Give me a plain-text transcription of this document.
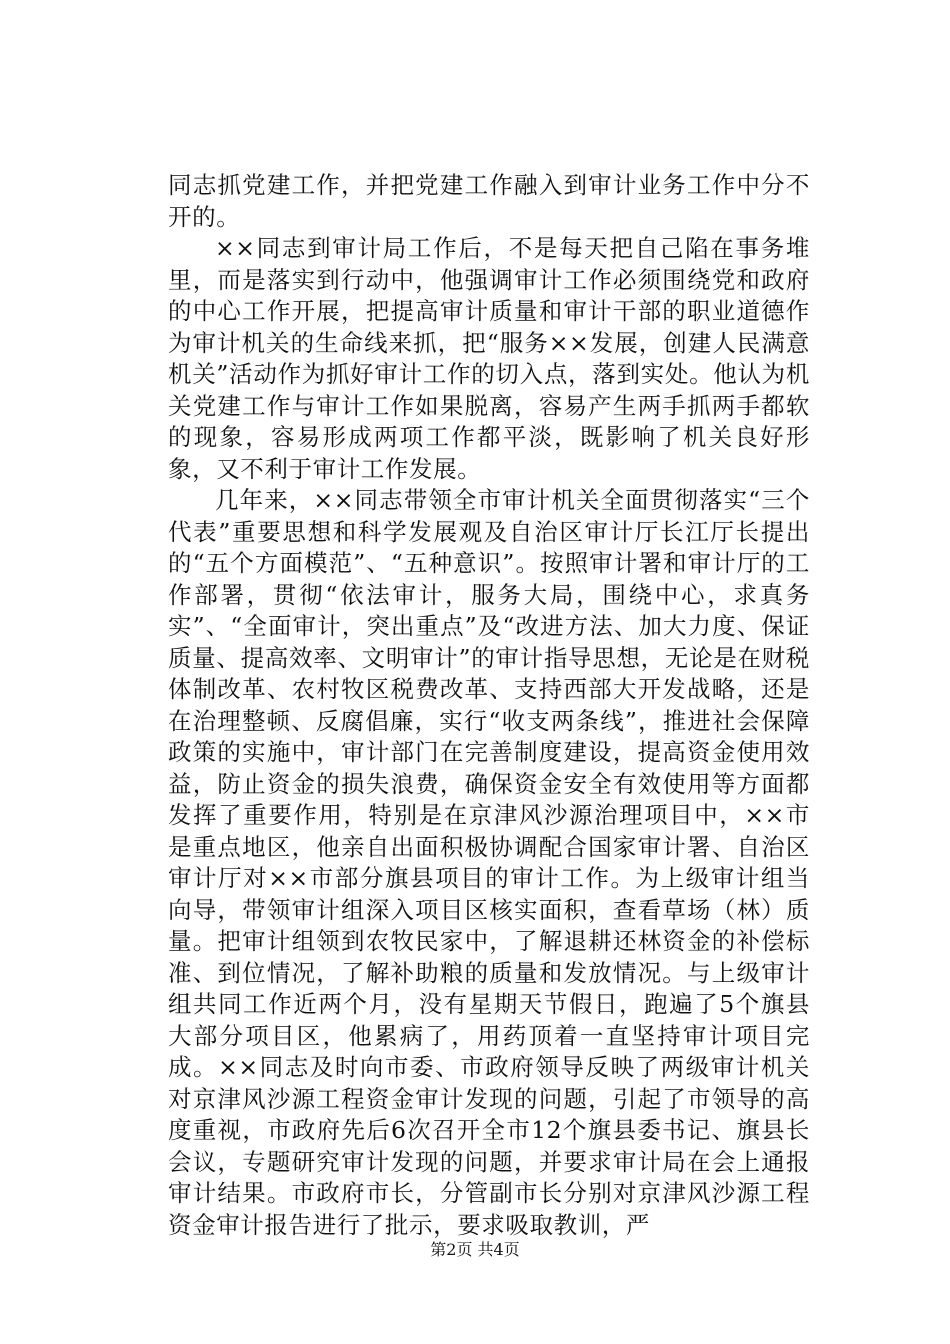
同志抓党建工作，并把党建工作融入到审计业务工作中分不开的。

××同志到审计局工作后，不是每天把自己陷在事务堆里，而是落实到行动中，他强调审计工作必须围绕党和政府的中心工作开展，把提高审计质量和审计干部的职业道德作为审计机关的生命线来抓，把“服务××发展，创建人民满意机关”活动作为抓好审计工作的切入点，落到实处。他认为机关党建工作与审计工作如果脱离，容易产生两手抓两手都软的现象，容易形成两项工作都平淡，既影响了机关良好形象，又不利于审计工作发展。

几年来，××同志带领全市审计机关全面贯彻落实“三个代表”重要思想和科学发展观及自治区审计厅长江厅长提出的“五个方面模范”、“五种意识”。按照审计署和审计厅的工作部署，贯彻“依法审计，服务大局，围绕中心，求真务实”、“全面审计，突出重点”及“改进方法、加大力度、保证质量、提高效率、文明审计”的审计指导思想，无论是在财税体制改革、农村牧区税费改革、支持西部大开发战略，还是在治理整顿、反腐倡廉，实行“收支两条线”，推进社会保障政策的实施中，审计部门在完善制度建设，提高资金使用效益，防止资金的损失浪费，确保资金安全有效使用等方面都发挥了重要作用，特别是在京津风沙源治理项目中，××市是重点地区，他亲自出面积极协调配合国家审计署、自治区审计厅对××市部分旗县项目的审计工作。为上级审计组当向导，带领审计组深入项目区核实面积，查看草场（林）质量。把审计组领到农牧民家中，了解退耕还林资金的补偿标准、到位情况，了解补助粮的质量和发放情况。与上级审计组共同工作近两个月，没有星期天节假日，跑遍了5个旗县大部分项目区，他累病了，用药顶着一直坚持审计项目完成。××同志及时向市委、市政府领导反映了两级审计机关对京津风沙源工程资金审计发现的问题，引起了市领导的高度重视，市政府先后6次召开全市12个旗县委书记、旗县长会议，专题研究审计发现的问题，并要求审计局在会上通报审计结果。市政府市长，分管副市长分别对京津风沙源工程资金审计报告进行了批示，要求吸取教训，严

第2页 共4页
